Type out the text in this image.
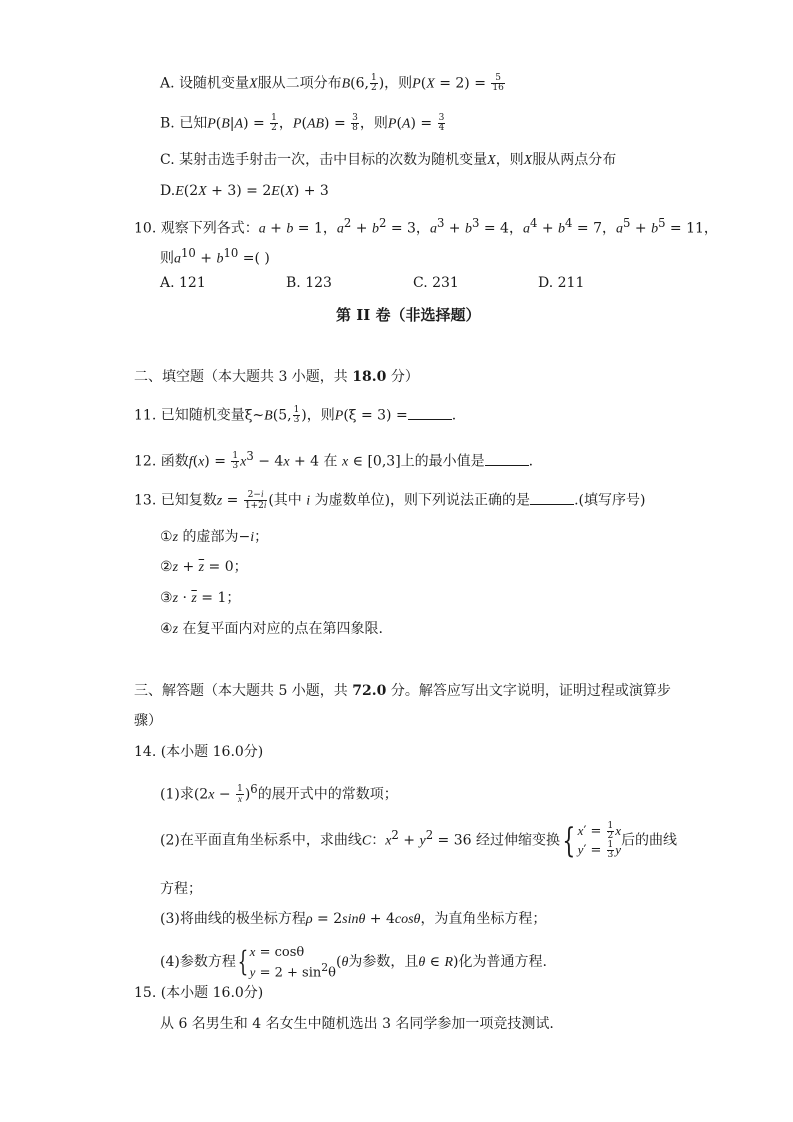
A. 设随机变量X服从二项分布B(6, $\frac{1}{2}$ )，则$P(X = 2) = \frac{5}{16}$
B. 已知$P(B|A) = \frac{1}{2}$ ，$P(AB) = \frac{3}{8}$ ，则$P(A) = \frac{3}{4}$
C. 某射击选手射击一次，击中目标的次数为随机变量X，则X服从两点分布
D.E(2X + 3) = 2E(X) + 3
10. 观察下列各式：a + b = 1，$a^2 + b^2 = 3$，$a^3 + b^3 = 4$，$a^4 + b^4 = 7$，$a^5 + b^5 = 11$，
则$a^{10} + b^{10}$ =( )
A. 121	B. 123	C. 231	D. 211
第 II 卷（非选择题）
二、填空题（本大题共 3 小题，共 18.0 分）
11. 已知随机变量ξ∼B(5, $\frac{1}{3}$ )，则P(ξ = 3) =	.
12. 函数$f(x) = \frac{1}{3} x^3 - 4x + 4$ 在 x ∈ [0,3]上的最小值是	.
13. 已知复数$z = \frac{2-i}{1+2i}$ (其中 i 为虚数单位)，则下列说法正确的是	.(填写序号)
①z 的虚部为−i；
②z + $\overline{z} = 0$；
③z · $\overline{z} = 1$；
④z 在复平面内对应的点在第四象限.
三、解答题（本大题共 5 小题，共 72.0 分。解答应写出文字说明，证明过程或演算步
骤）
14. (本小题 16.0分)
(1)求$(2x - \frac{1}{x} )^6$的展开式中的常数项；
(2)在平面直角坐标系中，求曲线C：$x^2 + y^2 = 36$ 经过伸缩变换{ $x' = \frac{1}{2}$ x
$y' = \frac{1}{3}$ y
后的曲线
方程；
(3)将曲线的极坐标方程ρ = 2sinθ + 4cosθ，为直角坐标方程；
(4)参数方程{ x = cosθ
$y = 2 + \sin^2\theta$
(θ为参数，且θ ∈ R)化为普通方程.
15. (本小题 16.0分)
从 6 名男生和 4 名女生中随机选出 3 名同学参加一项竞技测试.
